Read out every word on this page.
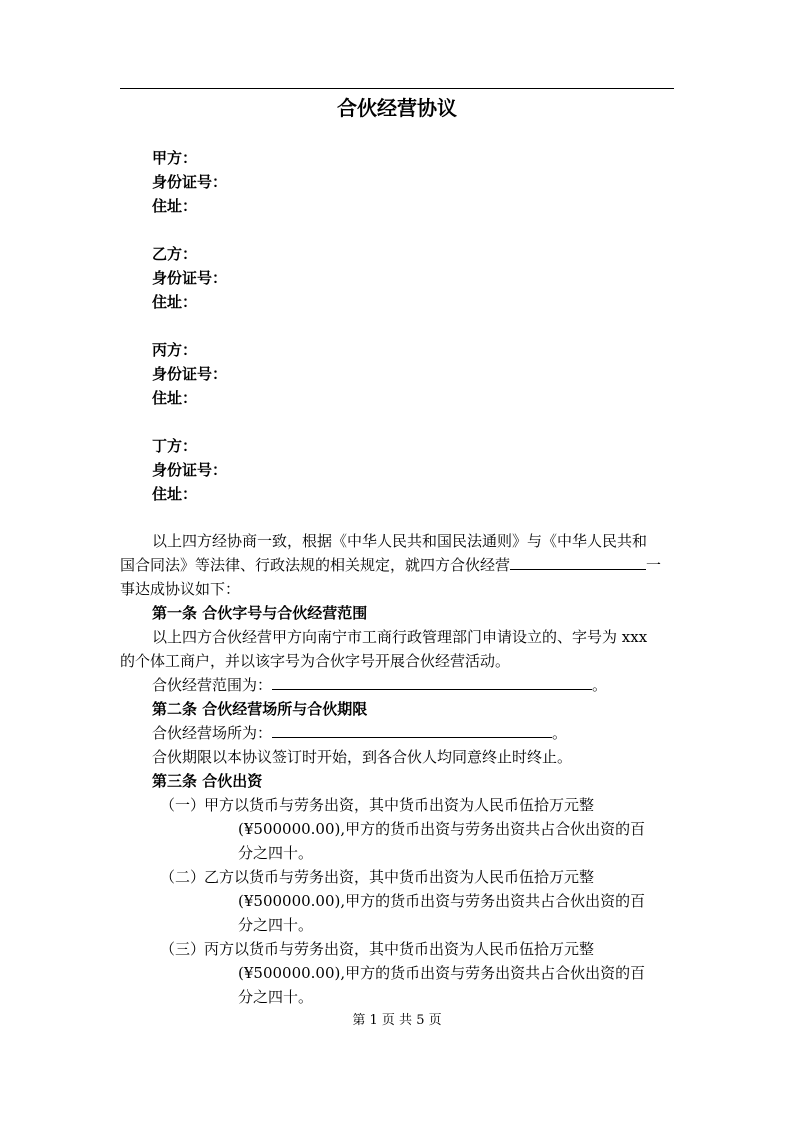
合伙经营协议
甲方：
身份证号：
住址：
乙方：
身份证号：
住址：
丙方：
身份证号：
住址：
丁方：
身份证号：
住址：

以上四方经协商一致，根据《中华人民共和国民法通则》与《中华人民共和

国合同法》等法律、行政法规的相关规定，就四方合伙经营	一

事达成协议如下：

第一条 合伙字号与合伙经营范围

以上四方合伙经营甲方向南宁市工商行政管理部门申请设立的、字号为 xxx

的个体工商户，并以该字号为合伙字号开展合伙经营活动。

合伙经营范围为：	。

第二条 合伙经营场所与合伙期限

合伙经营场所为：	。

合伙期限以本协议签订时开始，到各合伙人均同意终止时终止。

第三条 合伙出资

（一）

甲方以货币与劳务出资，其中货币出资为人民币伍拾万元整

(¥500000.00),甲方的货币出资与劳务出资共占合伙出资的百

分之四十。

（二）

乙方以货币与劳务出资，其中货币出资为人民币伍拾万元整

(¥500000.00),甲方的货币出资与劳务出资共占合伙出资的百

分之四十。

（三）

丙方以货币与劳务出资，其中货币出资为人民币伍拾万元整

(¥500000.00),甲方的货币出资与劳务出资共占合伙出资的百

分之四十。

第 1 页 共 5 页
